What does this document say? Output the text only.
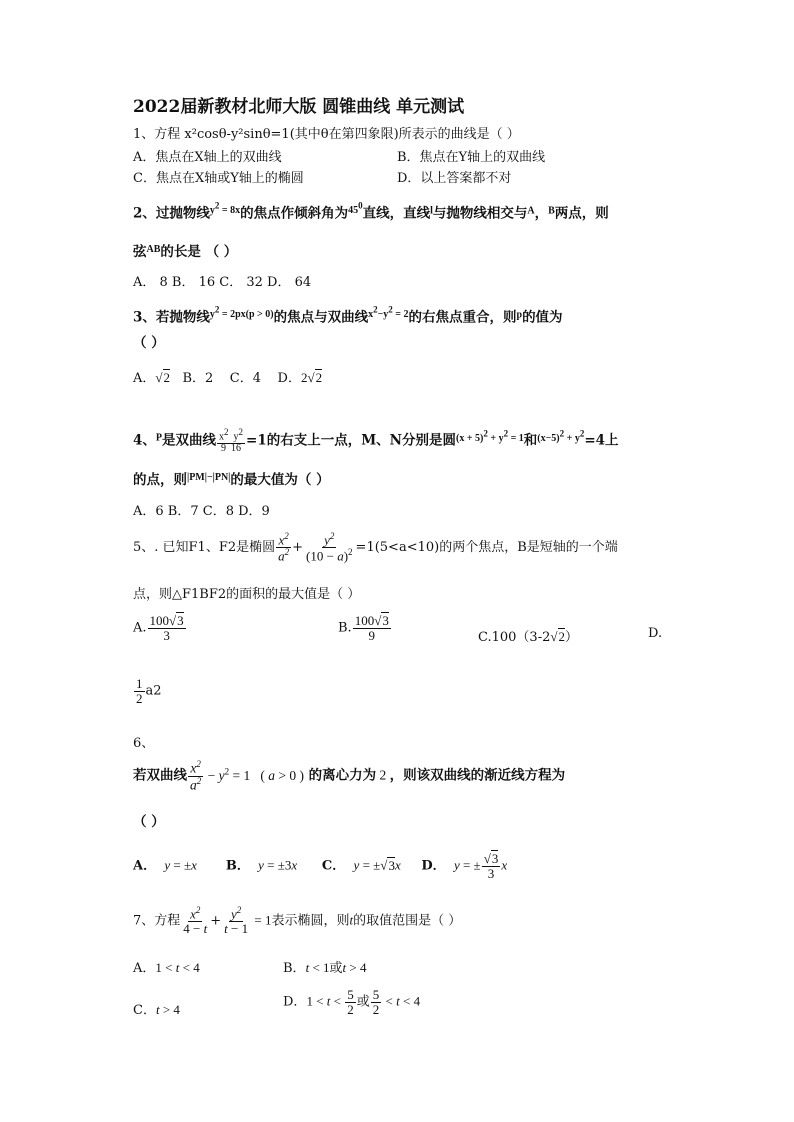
2022届新教材北师大版 圆锥曲线 单元测试
1、方程 x²cosθ-y²sinθ=1(其中θ在第四象限)所表示的曲线是（ ）
A．焦点在X轴上的双曲线	B．焦点在Y轴上的双曲线
C．焦点在X轴或Y轴上的椭圆	D．以上答案都不对
2、过抛物线$^{y^2 = 8x}$的焦点作倾斜角为$^{45^0}$直线，直线$^l$与抛物线相交与$^A$，$^B$两点，则
弦$^{AB}$的长是 （ ）
A． 8 B． 16 C． 32 D． 64
3、若抛物线$^{y^2 = 2px(p > 0)}$的焦点与双曲线$^{x^2-y^2 = 2}$的右焦点重合，则$^p$的值为
（ ）
A．√2 B．2 C．4 D．2√2
4、$^P$是双曲线 $\frac{x^2 y^2}{9 16} =1$的右支上一点，M、N分别是圆$^{(x + 5)^2 + y^2 = 1}$和$^{(x-5)^2 + y^2}$=4上
的点，则$^{|PM|-|PN|}$的最大值为（ ）
A．6 B．7 C．8 D．9
5、. 已知F1、F2是椭圆 $\frac{x^2}{a^2} + \frac{y^2}{(10 - a)^2} =1(5<a<10)$的两个焦点，B是短轴的一个端
点，则△F1BF2的面积的最大值是（ ）
A. $\frac{100√3}{3}$	B. $\frac{100√3}{9}$	C.100（3-2√2）	D.
$\frac{1}{2} a2$
6、
若双曲线 $\frac{x^2}{a^2} - y^2 = 1$   ( a > 0 ) 的离心力为 2 ，则该双曲线的渐近线方程为
（ ）
A． y = ±x B． y = ±3x C． y = ±√3x D． y = ± $\frac{√3}{3}$ x
7、方程 $\frac{x^2}{4 - t} + \frac{y^2}{t - 1} = 1$表示椭圆，则t的取值范围是（ ）
A．1 < t < 4	B．t < 1或t > 4
C．t > 4	D．$1 < t < \frac{5}{2}$ 或 $\frac{5}{2} < t < 4$
